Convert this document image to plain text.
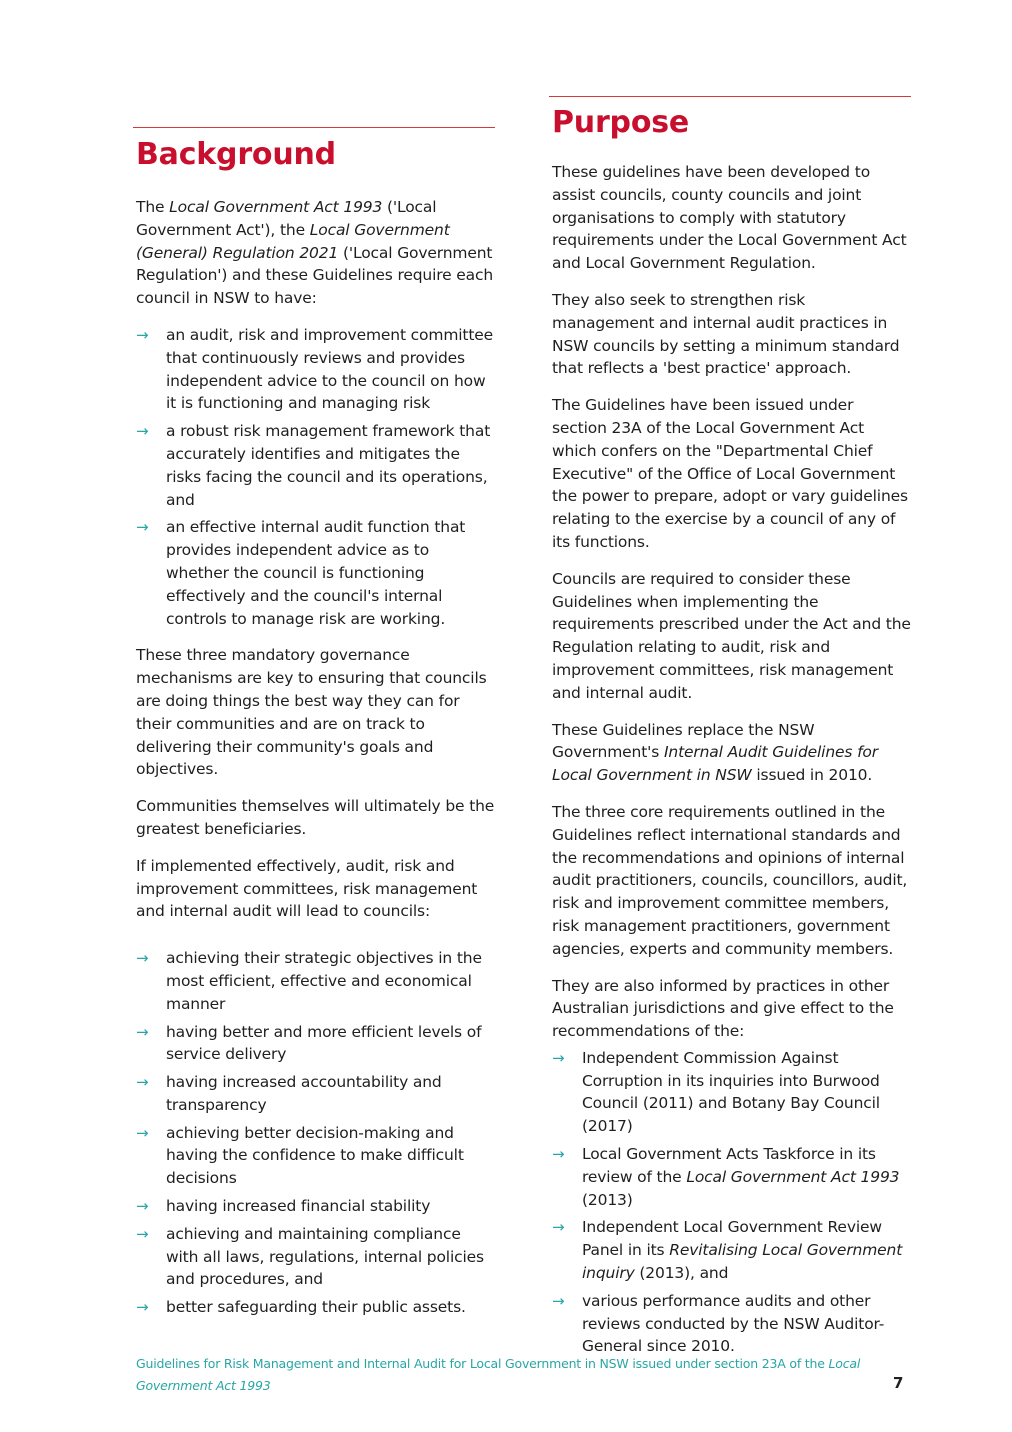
Background

The Local Government Act 1993 ('Local Government Act'), the Local Government (General) Regulation 2021 ('Local Government Regulation') and these Guidelines require each council in NSW to have:

→ an audit, risk and improvement committee that continuously reviews and provides independent advice to the council on how it is functioning and managing risk
→ a robust risk management framework that accurately identifies and mitigates the risks facing the council and its operations, and
→ an effective internal audit function that provides independent advice as to whether the council is functioning effectively and the council's internal controls to manage risk are working.

These three mandatory governance mechanisms are key to ensuring that councils are doing things the best way they can for their communities and are on track to delivering their community's goals and objectives.

Communities themselves will ultimately be the greatest beneficiaries.

If implemented effectively, audit, risk and improvement committees, risk management and internal audit will lead to councils:

→ achieving their strategic objectives in the most efficient, effective and economical manner
→ having better and more efficient levels of service delivery
→ having increased accountability and transparency
→ achieving better decision-making and having the confidence to make difficult decisions
→ having increased financial stability
→ achieving and maintaining compliance with all laws, regulations, internal policies and procedures, and
→ better safeguarding their public assets.
Purpose

These guidelines have been developed to assist councils, county councils and joint organisations to comply with statutory requirements under the Local Government Act and Local Government Regulation.

They also seek to strengthen risk management and internal audit practices in NSW councils by setting a minimum standard that reflects a 'best practice' approach.

The Guidelines have been issued under section 23A of the Local Government Act which confers on the "Departmental Chief Executive" of the Office of Local Government the power to prepare, adopt or vary guidelines relating to the exercise by a council of any of its functions.

Councils are required to consider these Guidelines when implementing the requirements prescribed under the Act and the Regulation relating to audit, risk and improvement committees, risk management and internal audit.

These Guidelines replace the NSW Government's Internal Audit Guidelines for Local Government in NSW issued in 2010.

The three core requirements outlined in the Guidelines reflect international standards and the recommendations and opinions of internal audit practitioners, councils, councillors, audit, risk and improvement committee members, risk management practitioners, government agencies, experts and community members.

They are also informed by practices in other Australian jurisdictions and give effect to the recommendations of the:

→ Independent Commission Against Corruption in its inquiries into Burwood Council (2011) and Botany Bay Council (2017)
→ Local Government Acts Taskforce in its review of the Local Government Act 1993 (2013)
→ Independent Local Government Review Panel in its Revitalising Local Government inquiry (2013), and
→ various performance audits and other reviews conducted by the NSW Auditor-General since 2010.
Guidelines for Risk Management and Internal Audit for Local Government in NSW issued under section 23A of the Local Government Act 1993	7
